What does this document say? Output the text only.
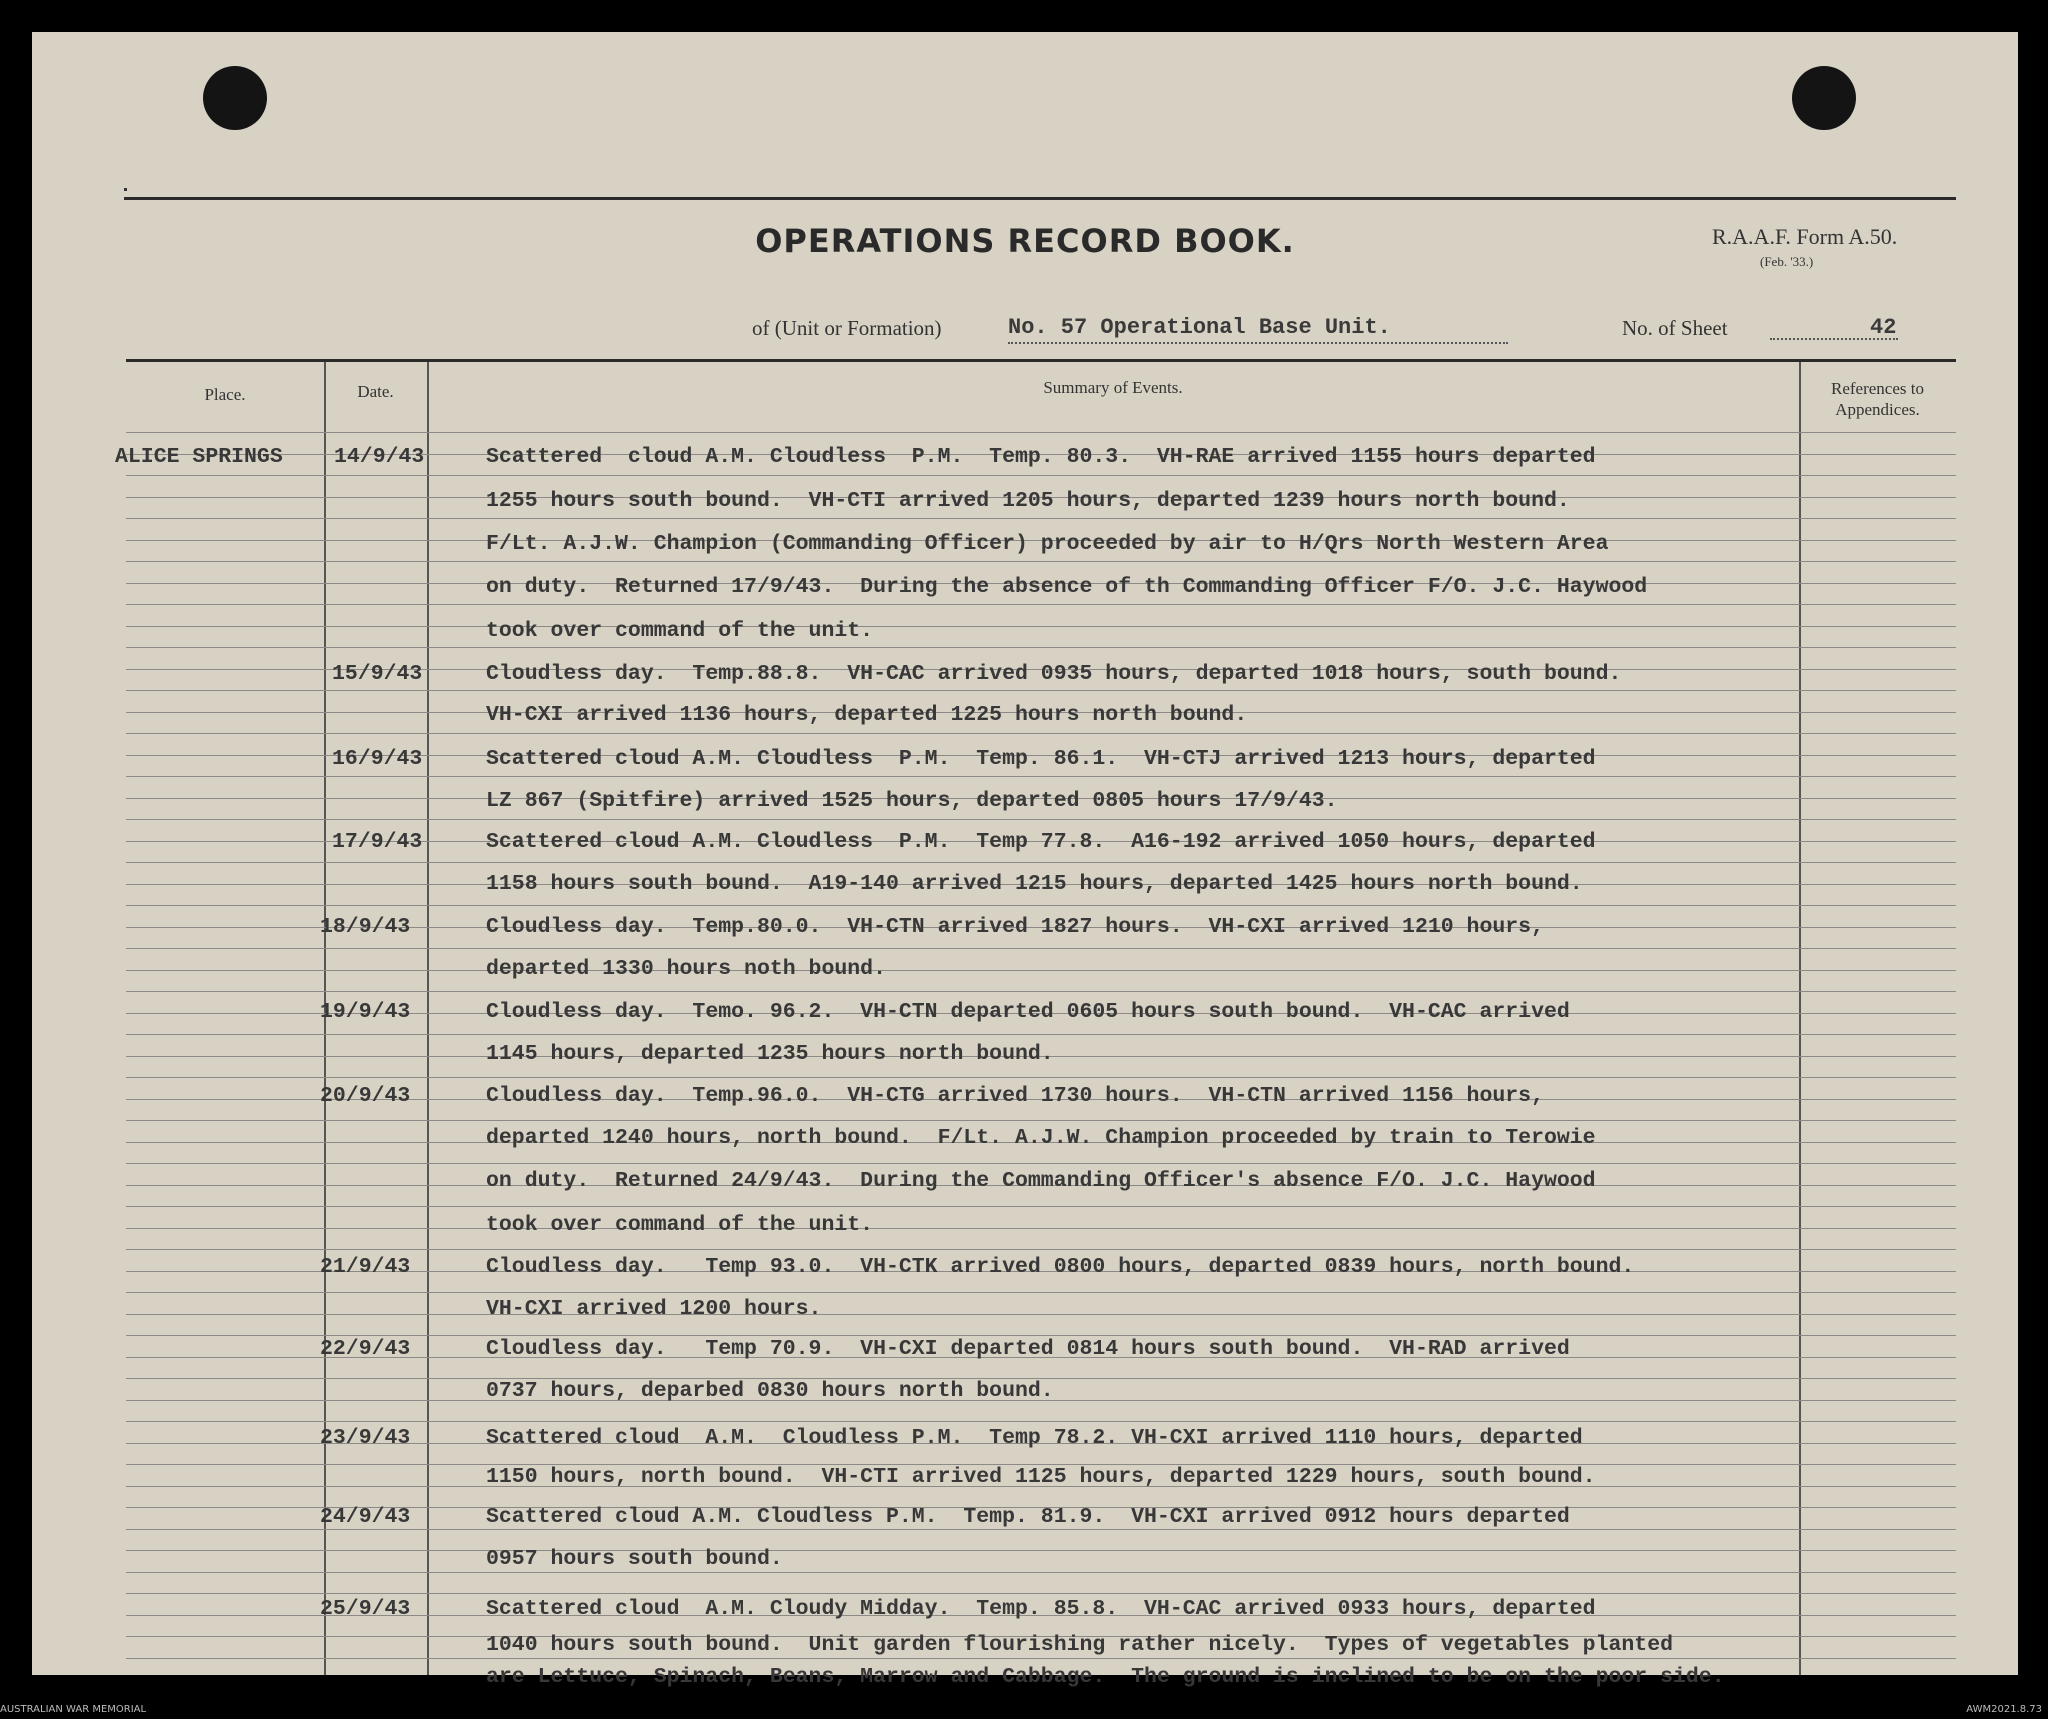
OPERATIONS RECORD BOOK.	R.A.A.F. Form A.50.
(Feb. '33.)
of (Unit or Formation)	No. 57 Operational Base Unit.	No. of Sheet	42
Place.	Date.	Summary of Events.	References to Appendices.
ALICE SPRINGS 14/9/43	Scattered  cloud A.M. Cloudless  P.M.  Temp. 80.3.  VH-RAE arrived 1155 hours departed
1255 hours south bound.  VH-CTI arrived 1205 hours, departed 1239 hours north bound.
F/Lt. A.J.W. Champion (Commanding Officer) proceeded by air to H/Qrs North Western Area
on duty.  Returned 17/9/43.  During the absence of th Commanding Officer F/O. J.C. Haywood
took over command of the unit.
15/9/43	Cloudless day.  Temp.88.8.  VH-CAC arrived 0935 hours, departed 1018 hours, south bound.
VH-CXI arrived 1136 hours, departed 1225 hours north bound.
16/9/43	Scattered cloud A.M. Cloudless  P.M.  Temp. 86.1.  VH-CTJ arrived 1213 hours, departed
LZ 867 (Spitfire) arrived 1525 hours, departed 0805 hours 17/9/43.
17/9/43	Scattered cloud A.M. Cloudless  P.M.  Temp 77.8.  A16-192 arrived 1050 hours, departed
1158 hours south bound.  A19-140 arrived 1215 hours, departed 1425 hours north bound.
18/9/43	Cloudless day.  Temp.80.0.  VH-CTN arrived 1827 hours.  VH-CXI arrived 1210 hours,
departed 1330 hours noth bound.
19/9/43	Cloudless day.  Temo. 96.2.  VH-CTN departed 0605 hours south bound.  VH-CAC arrived
1145 hours, departed 1235 hours north bound.
20/9/43	Cloudless day.  Temp.96.0.  VH-CTG arrived 1730 hours.  VH-CTN arrived 1156 hours,
departed 1240 hours, north bound.  F/Lt. A.J.W. Champion proceeded by train to Terowie
on duty.  Returned 24/9/43.  During the Commanding Officer's absence F/O. J.C. Haywood
took over command of the unit.
21/9/43	Cloudless day.   Temp 93.0.  VH-CTK arrived 0800 hours, departed 0839 hours, north bound.
VH-CXI arrived 1200 hours.
22/9/43	Cloudless day.   Temp 70.9.  VH-CXI departed 0814 hours south bound.  VH-RAD arrived
0737 hours, deparbed 0830 hours north bound.
23/9/43	Scattered cloud  A.M.  Cloudless P.M.  Temp 78.2. VH-CXI arrived 1110 hours, departed
1150 hours, north bound.  VH-CTI arrived 1125 hours, departed 1229 hours, south bound.
24/9/43	Scattered cloud A.M. Cloudless P.M.  Temp. 81.9.  VH-CXI arrived 0912 hours departed
0957 hours south bound.
25/9/43	Scattered cloud  A.M. Cloudy Midday.  Temp. 85.8.  VH-CAC arrived 0933 hours, departed
1040 hours south bound.  Unit garden flourishing rather nicely.  Types of vegetables planted
are Lettuce, Spinach, Beans, Marrow and Cabbage.  The ground is inclined to be on the poor side.
AUSTRALIAN WAR MEMORIAL	AWM2021.8.73
